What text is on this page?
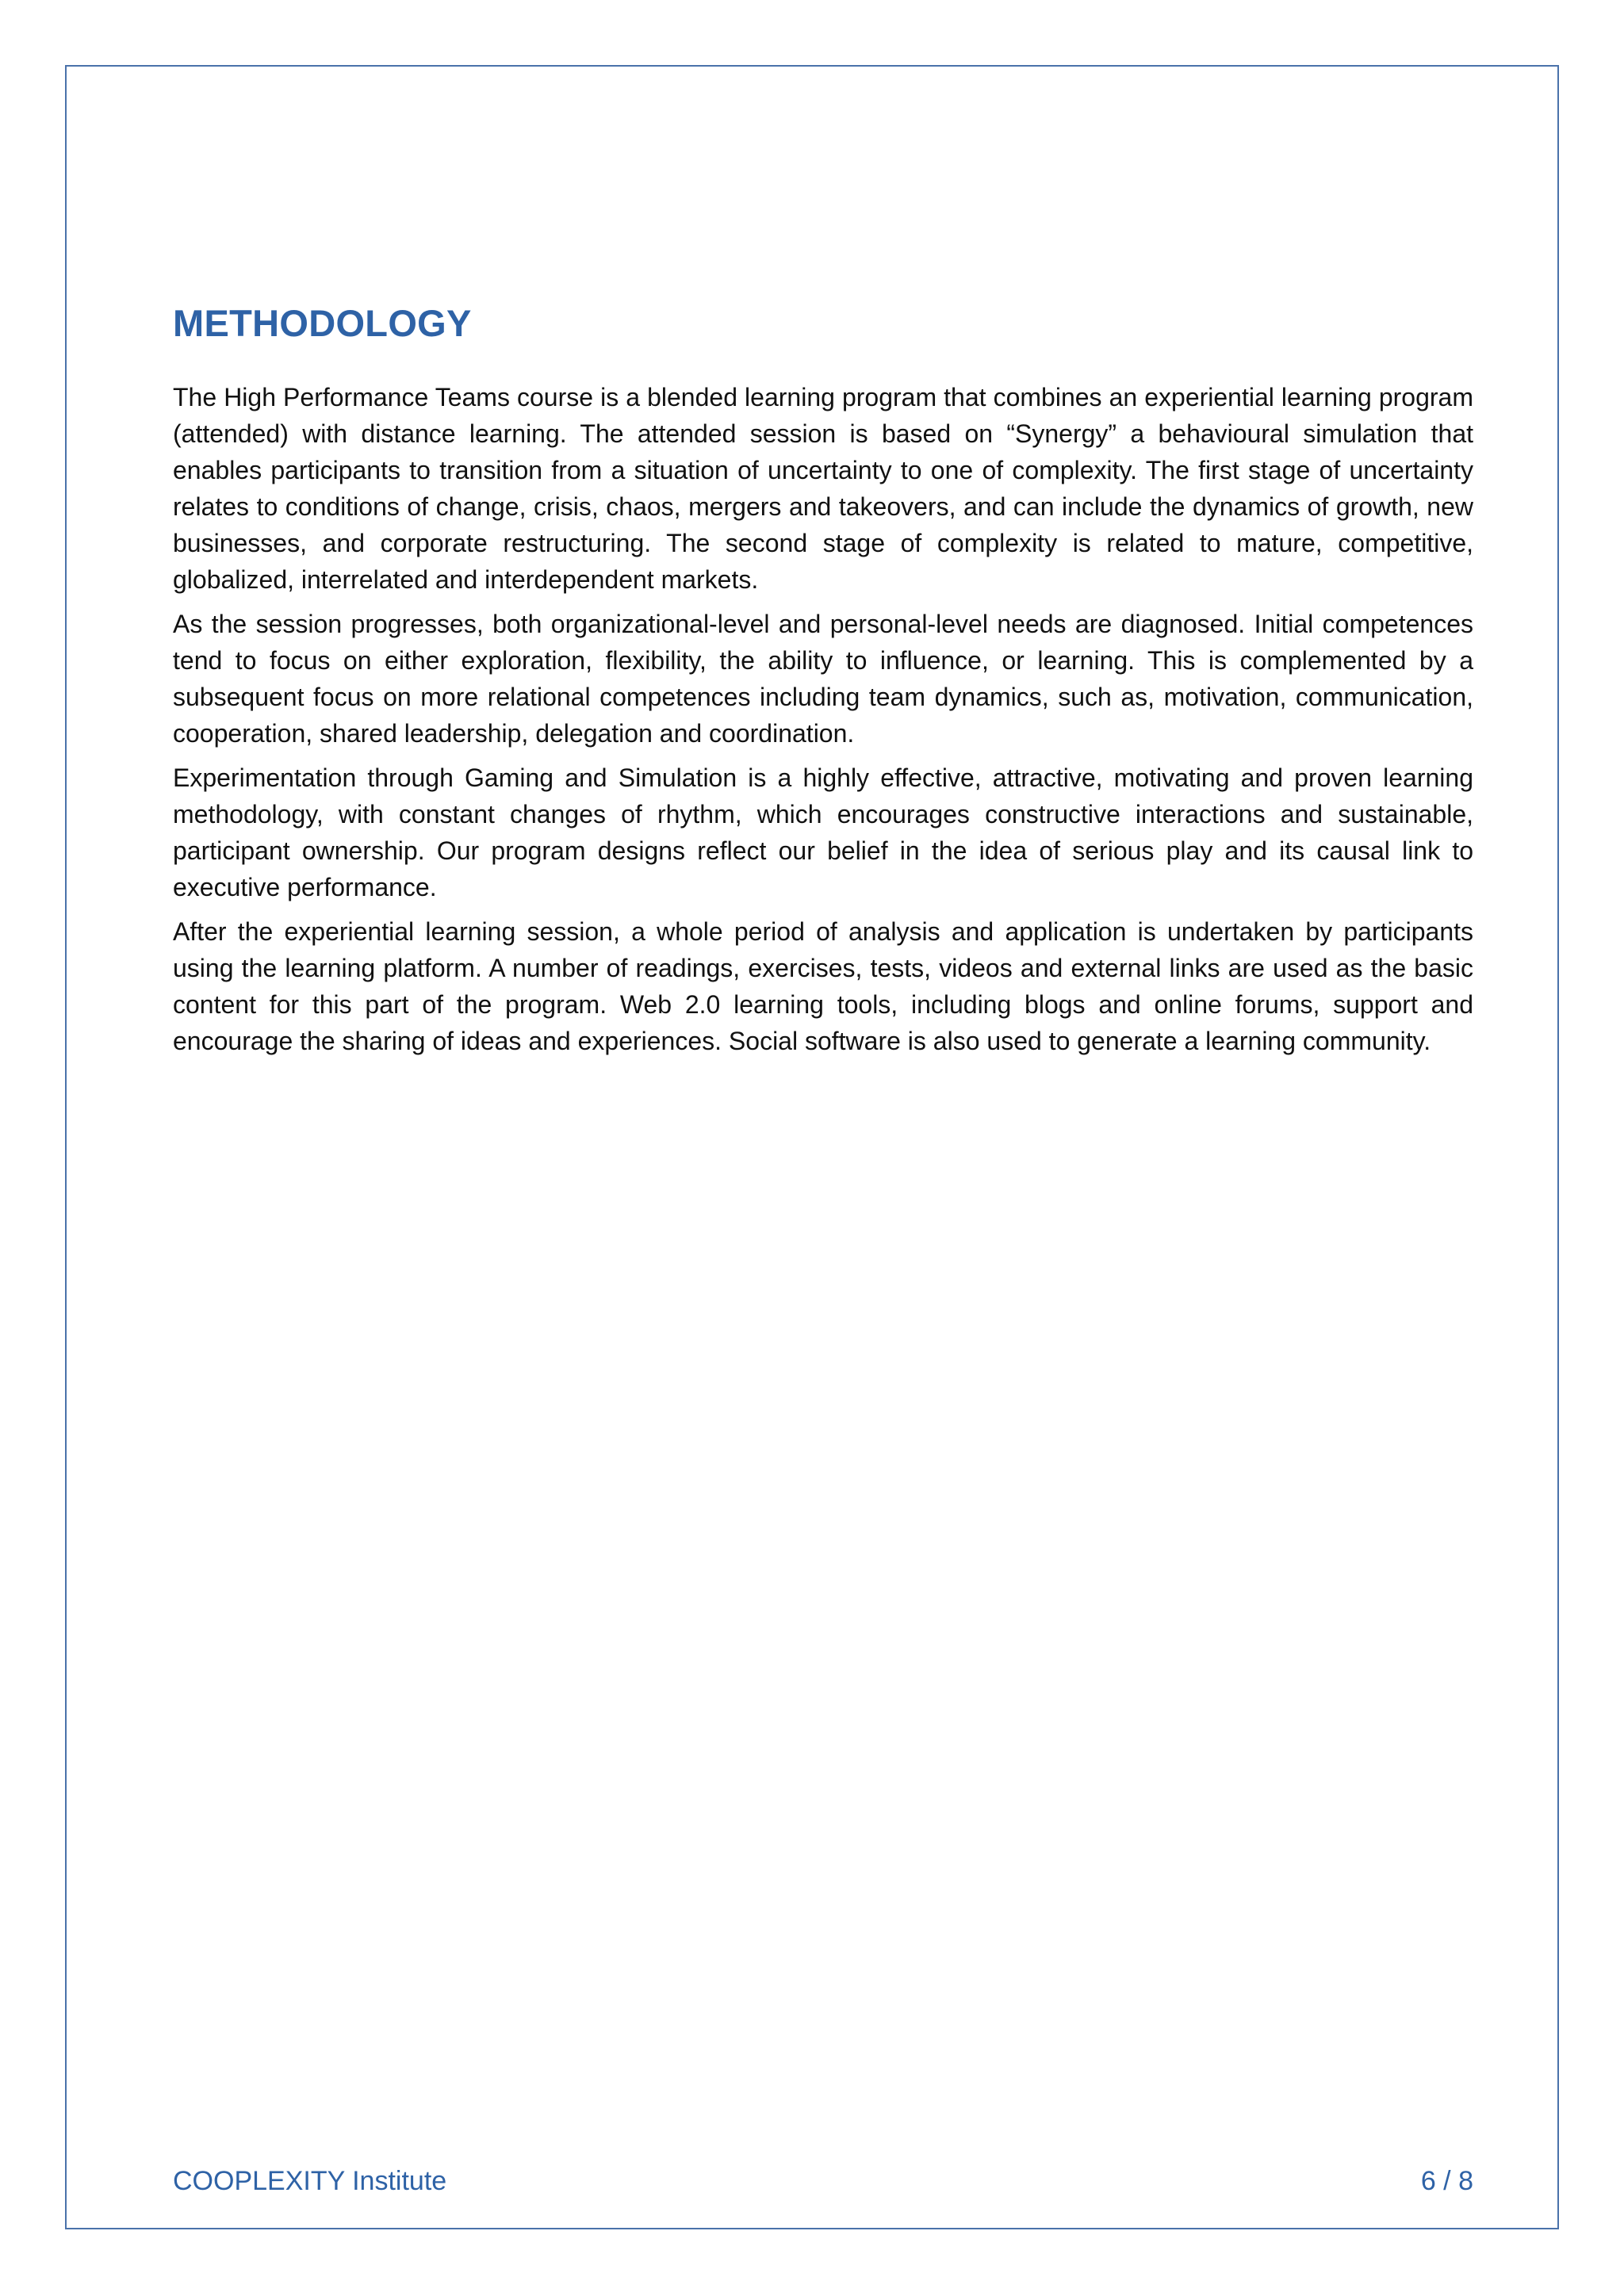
METHODOLOGY

The High Performance Teams course is a blended learning program that combines an experiential learning program (attended) with distance learning. The attended session is based on “Synergy” a behavioural simulation that enables participants to transition from a situation of uncertainty to one of complexity. The first stage of uncertainty relates to conditions of change, crisis, chaos, mergers and takeovers, and can include the dynamics of growth, new businesses, and corporate restructuring. The second stage of complexity is related to mature, competitive, globalized, interrelated and interdependent markets.

As the session progresses, both organizational-level and personal-level needs are diagnosed. Initial competences tend to focus on either exploration, flexibility, the ability to influence, or learning. This is complemented by a subsequent focus on more relational competences including team dynamics, such as, motivation, communication, cooperation, shared leadership, delegation and coordination.

Experimentation through Gaming and Simulation is a highly effective, attractive, motivating and proven learning methodology, with constant changes of rhythm, which encourages constructive interactions and sustainable, participant ownership. Our program designs reflect our belief in the idea of serious play and its causal link to executive performance.

After the experiential learning session, a whole period of analysis and application is undertaken by participants using the learning platform. A number of readings, exercises, tests, videos and external links are used as the basic content for this part of the program. Web 2.0 learning tools, including blogs and online forums, support and encourage the sharing of ideas and experiences. Social software is also used to generate a learning community.

COOPLEXITY Institute	6 / 8
